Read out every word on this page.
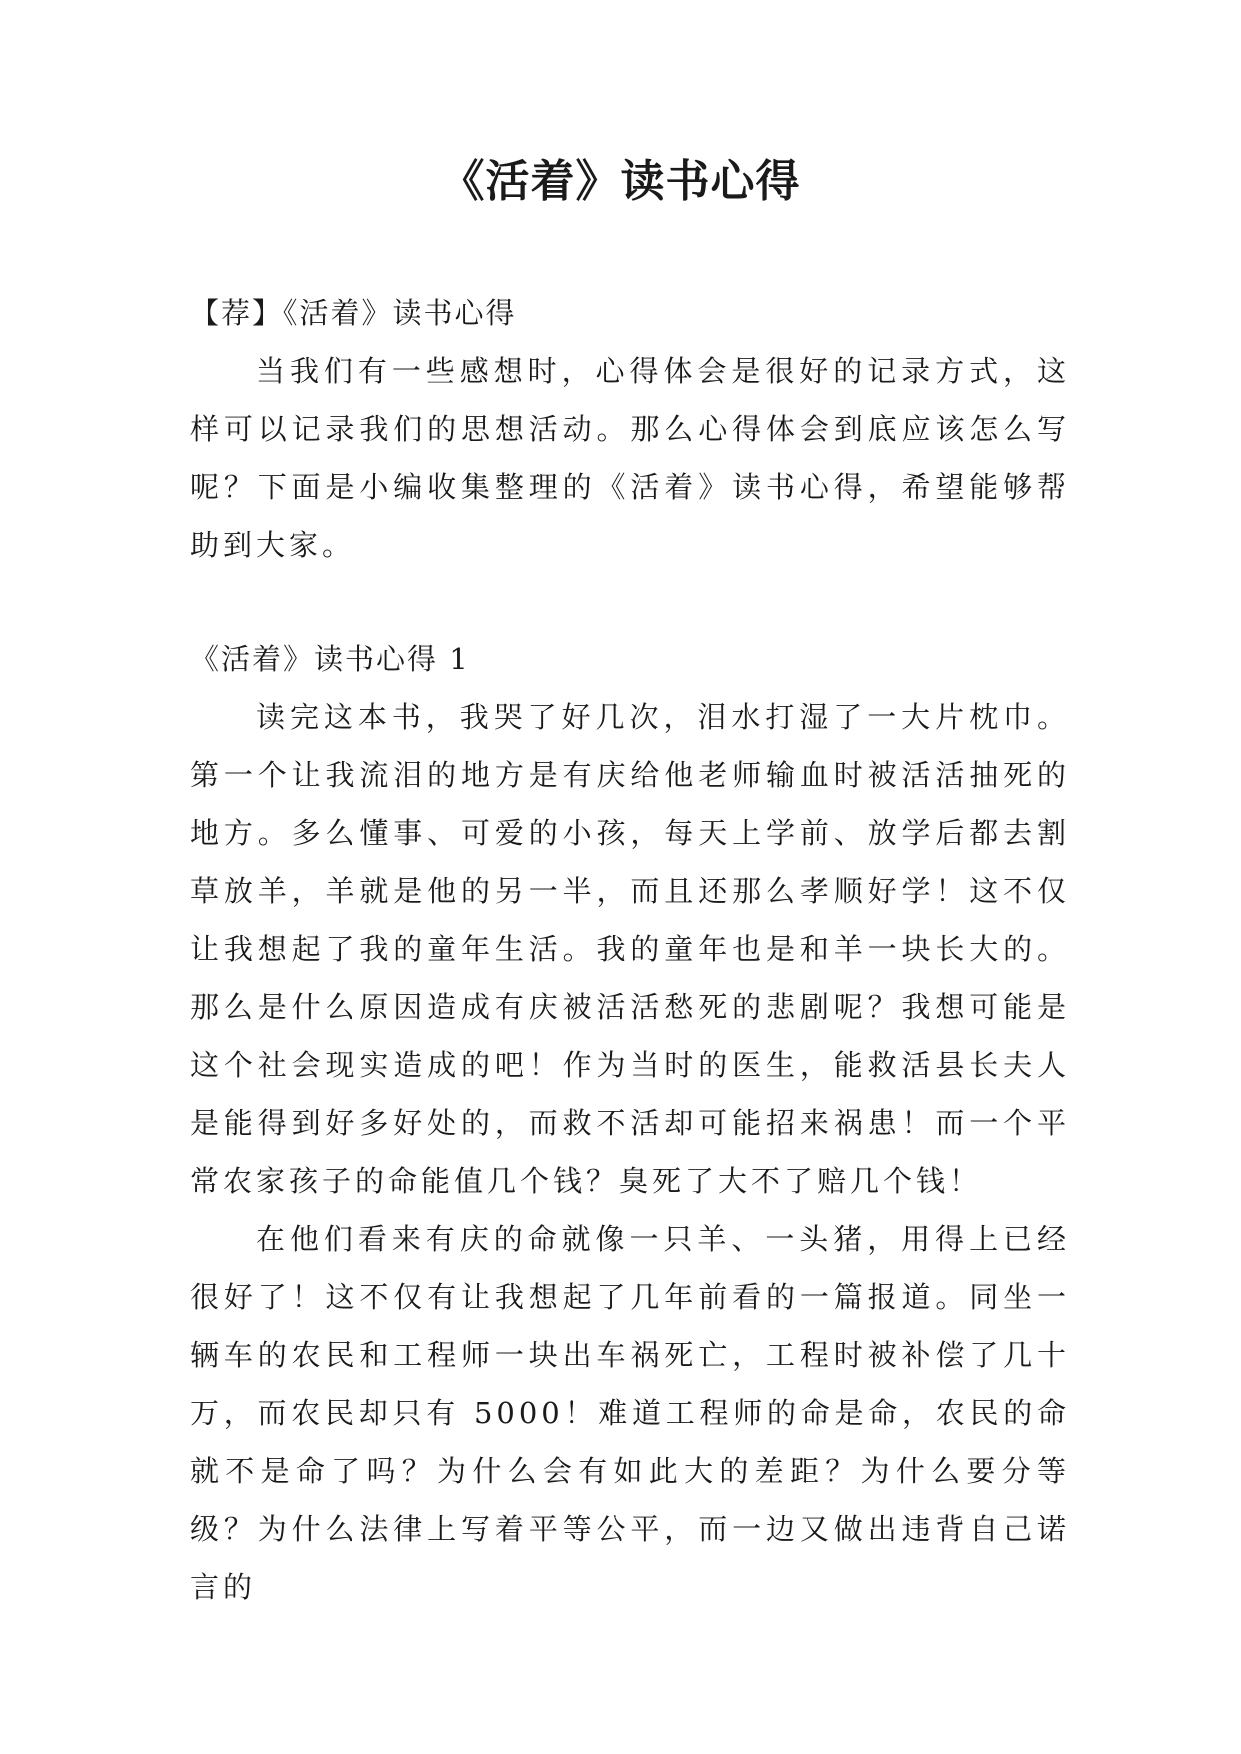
《活着》读书心得

【荐】《活着》读书心得

当我们有一些感想时，心得体会是很好的记录方式，这样可以记录我们的思想活动。那么心得体会到底应该怎么写呢？下面是小编收集整理的《活着》读书心得，希望能够帮助到大家。

《活着》读书心得 1

读完这本书，我哭了好几次，泪水打湿了一大片枕巾。第一个让我流泪的地方是有庆给他老师输血时被活活抽死的地方。多么懂事、可爱的小孩，每天上学前、放学后都去割草放羊，羊就是他的另一半，而且还那么孝顺好学！这不仅让我想起了我的童年生活。我的童年也是和羊一块长大的。那么是什么原因造成有庆被活活愁死的悲剧呢？我想可能是这个社会现实造成的吧！作为当时的医生，能救活县长夫人是能得到好多好处的，而救不活却可能招来祸患！而一个平常农家孩子的命能值几个钱？臭死了大不了赔几个钱！

在他们看来有庆的命就像一只羊、一头猪，用得上已经很好了！这不仅有让我想起了几年前看的一篇报道。同坐一辆车的农民和工程师一块出车祸死亡，工程时被补偿了几十万，而农民却只有 5000！难道工程师的命是命，农民的命就不是命了吗？为什么会有如此大的差距？为什么要分等级？为什么法律上写着平等公平，而一边又做出违背自己诺言的
